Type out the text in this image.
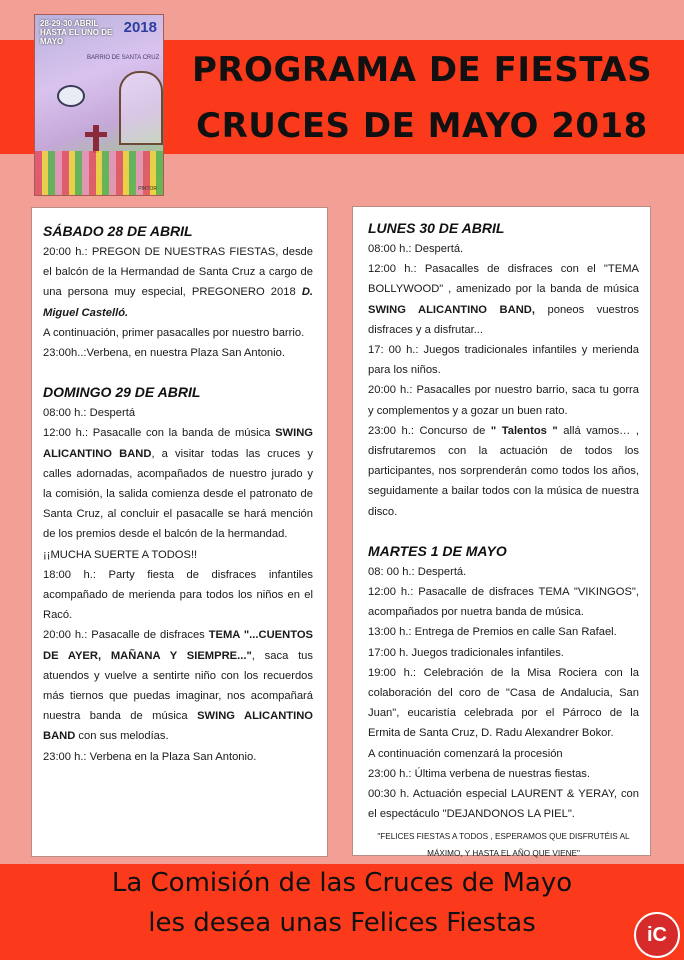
28-29-30 ABRIL HASTA EL UNO DE MAYO
2018
BARRIO DE SANTA CRUZ
PINTOR
PROGRAMA DE FIESTAS
CRUCES DE MAYO 2018
SÁBADO 28 DE ABRIL

20:00 h.: PREGON DE NUESTRAS FIESTAS, desde el balcón de la Hermandad de Santa Cruz a cargo de una persona muy especial, PREGONERO 2018 D. Miguel Castelló.

A continuación, primer pasacalles por nuestro barrio.

23:00h..:Verbena, en nuestra Plaza San Antonio.

DOMINGO 29 DE ABRIL

08:00 h.: Despertá

12:00 h.: Pasacalle con la banda de música SWING ALICANTINO BAND, a visitar todas las cruces y calles adornadas, acompañados de nuestro jurado y la comisión, la salida comienza desde el patronato de Santa Cruz, al concluir el pasacalle se hará mención de los premios desde el balcón de la hermandad.

¡¡MUCHA SUERTE A TODOS!!

18:00 h.: Party fiesta de disfraces infantiles acompañado de merienda para todos los niños en el Racó.

20:00 h.: Pasacalle de disfraces TEMA "...CUENTOS DE AYER, MAÑANA Y SIEMPRE...", saca tus atuendos y vuelve a sentirte niño con los recuerdos más tiernos que puedas imaginar, nos acompañará nuestra banda de música SWING ALICANTINO BAND con sus melodías.

23:00 h.: Verbena en la Plaza San Antonio.

LUNES 30 DE ABRIL

08:00 h.: Despertá.

12:00 h.: Pasacalles de disfraces con el "TEMA BOLLYWOOD" , amenizado por la banda de música SWING ALICANTINO BAND, poneos vuestros disfraces y a disfrutar...

17: 00 h.: Juegos tradicionales infantiles y merienda para los niños.

20:00 h.: Pasacalles por nuestro barrio, saca tu gorra y complementos y a gozar un buen rato.

23:00 h.: Concurso de " Talentos " allá vamos… , disfrutaremos con la actuación de todos los participantes, nos sorprenderán como todos los años, seguidamente a bailar todos con la música de nuestra disco.

MARTES 1 DE MAYO

08: 00 h.: Despertá.

12:00 h.: Pasacalle de disfraces TEMA "VIKINGOS", acompañados por nuetra banda de música.

13:00 h.: Entrega de Premios en calle San Rafael.

17:00 h. Juegos tradicionales infantiles.

19:00 h.: Celebración de la Misa Rociera con la colaboración del coro de "Casa de Andalucia, San Juan", eucaristía celebrada por el Párroco de la Ermita de Santa Cruz, D. Radu Alexandrer Bokor.

A continuación comenzará la procesión

23:00 h.: Última verbena de nuestras fiestas.

00:30 h. Actuación especial LAURENT & YERAY, con el espectáculo "DEJANDONOS LA PIEL".

"FELICES FIESTAS A TODOS , ESPERAMOS QUE DISFRUTÉIS AL
MÁXIMO, Y HASTA EL AÑO QUE VIENE"
La Comisión de las Cruces de Mayo
les desea unas Felices Fiestas	iC
